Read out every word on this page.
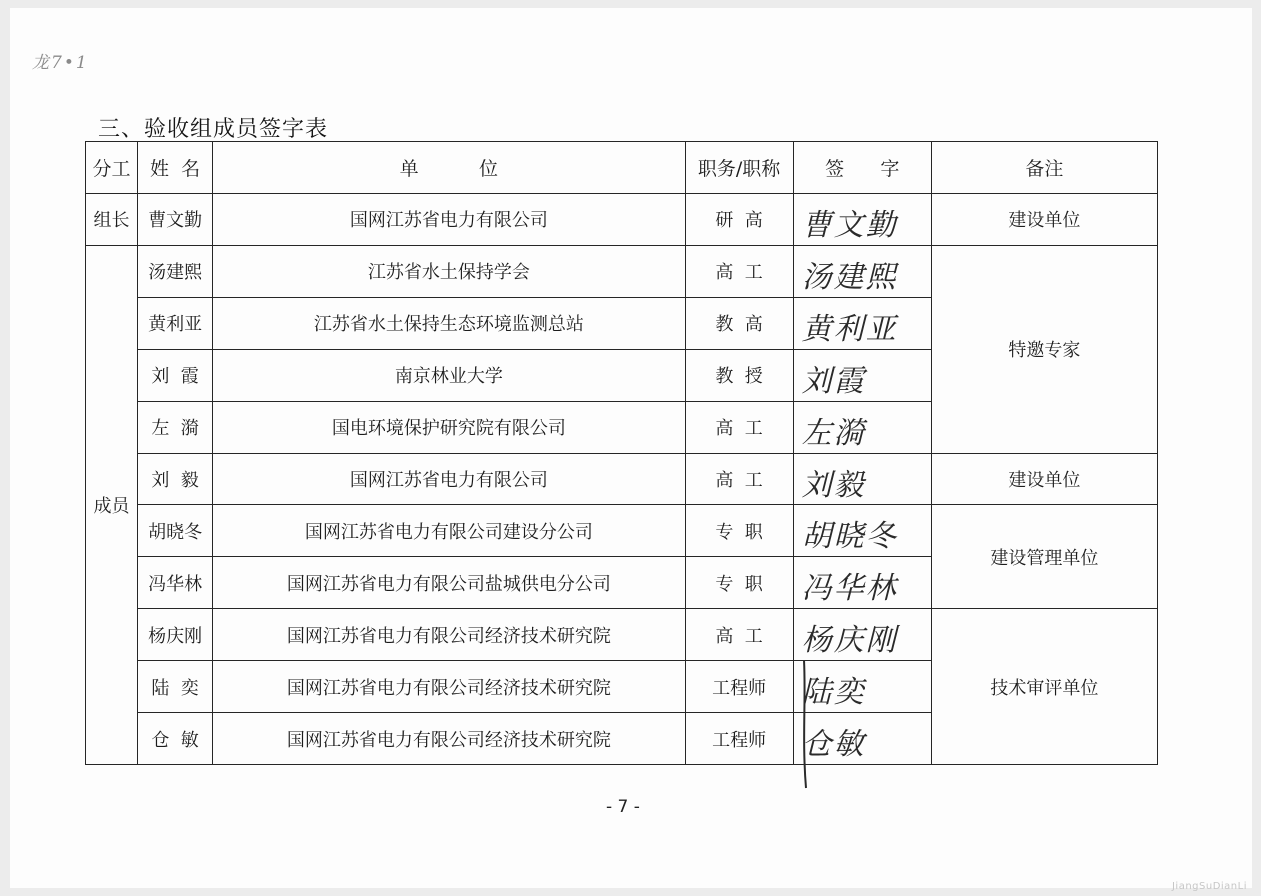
龙7•1
三、验收组成员签字表
分工	姓  名	单          位	职务/职称	签      字	备注
组长	曹文勤	国网江苏省电力有限公司	研  高	曹文勤	建设单位
成员	汤建熙	江苏省水土保持学会	高  工	汤建熙	特邀专家
	黄利亚	江苏省水土保持生态环境监测总站	教  高	黄利亚	

	刘  霞	南京林业大学	教  授	刘霞	

	左  漪	国电环境保护研究院有限公司	高  工	左漪	

	刘  毅	国网江苏省电力有限公司	高  工	刘毅	建设单位
	胡晓冬	国网江苏省电力有限公司建设分公司	专  职	胡晓冬	建设管理单位
	冯华林	国网江苏省电力有限公司盐城供电分公司	专  职	冯华林	

	杨庆刚	国网江苏省电力有限公司经济技术研究院	高  工	杨庆刚	技术审评单位
	陆  奕	国网江苏省电力有限公司经济技术研究院	工程师	陆奕	

	仓  敏	国网江苏省电力有限公司经济技术研究院	工程师	仓敏	
- 7 -
JiangSuDianLi
